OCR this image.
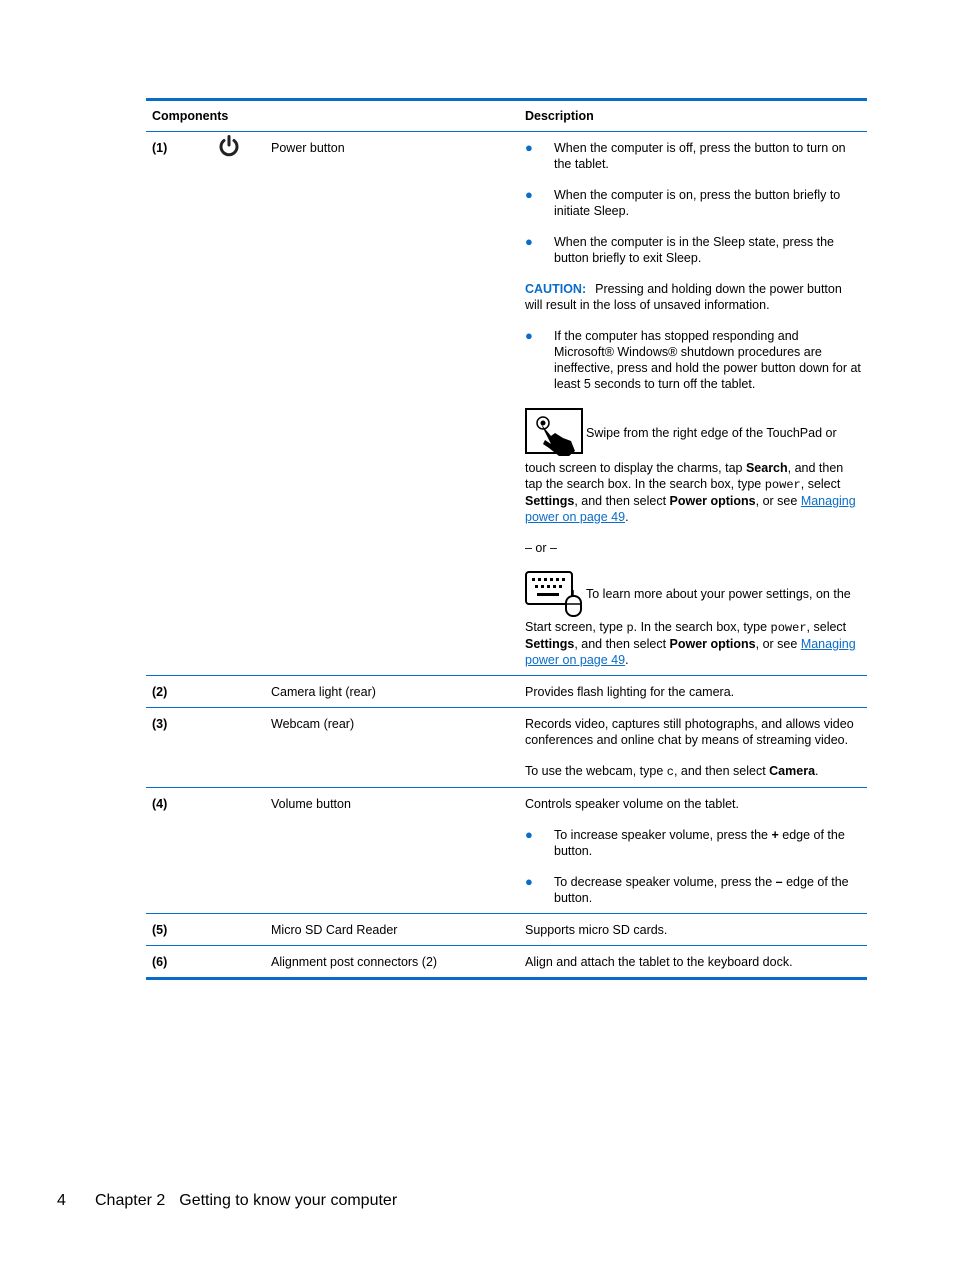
Components	Description
(1)	Power button	● When the computer is off, press the button to turn on the tablet.
● When the computer is on, press the button briefly to initiate Sleep.
● When the computer is in the Sleep state, press the button briefly to exit Sleep.

CAUTION: Pressing and holding down the power button will result in the loss of unsaved information.

● If the computer has stopped responding and Microsoft® Windows® shutdown procedures are ineffective, press and hold the power button down for at least 5 seconds to turn off the tablet.
Swipe from the right edge of the TouchPad or

touch screen to display the charms, tap Search, and then tap the search box. In the search box, type power, select Settings, and then select Power options, or see Managing power on page 49.

– or –

To learn more about your power settings, on the

Start screen, type p. In the search box, type power, select Settings, and then select Power options, or see Managing power on page 49.

(2)	Camera light (rear)	Provides flash lighting for the camera.

(3)	Webcam (rear)	Records video, captures still photographs, and allows video conferences and online chat by means of streaming video.

To use the webcam, type c, and then select Camera.

(4)	Volume button	Controls speaker volume on the tablet.

● To increase speaker volume, press the + edge of the button.
● To decrease speaker volume, press the – edge of the button.
(5)	Micro SD Card Reader	Supports micro SD cards.

(6)	Alignment post connectors (2)	Align and attach the tablet to the keyboard dock.

4 Chapter 2 Getting to know your computer
